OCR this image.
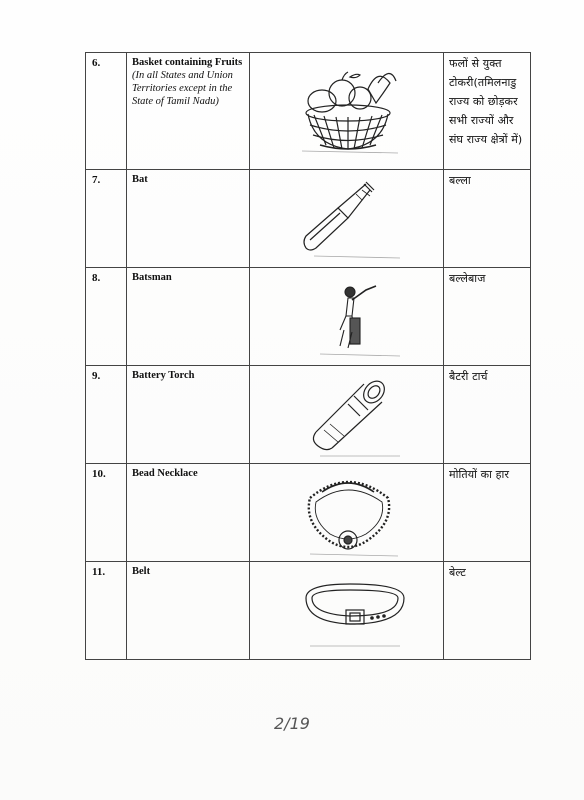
6.	Basket containing Fruits (In all States and Union Territories except in the State of Tamil Nadu)		फलों से युक्त टोकरी(तमिलनाडु राज्य को छोड़कर सभी राज्यों और संघ राज्य क्षेत्रों में)

7.	Bat		बल्ला

8.	Batsman		बल्लेबाज

9.	Battery Torch		बैटरी टार्च

10.	Bead Necklace		मोतियों का हार

11.	Belt		बेल्ट
2/19
